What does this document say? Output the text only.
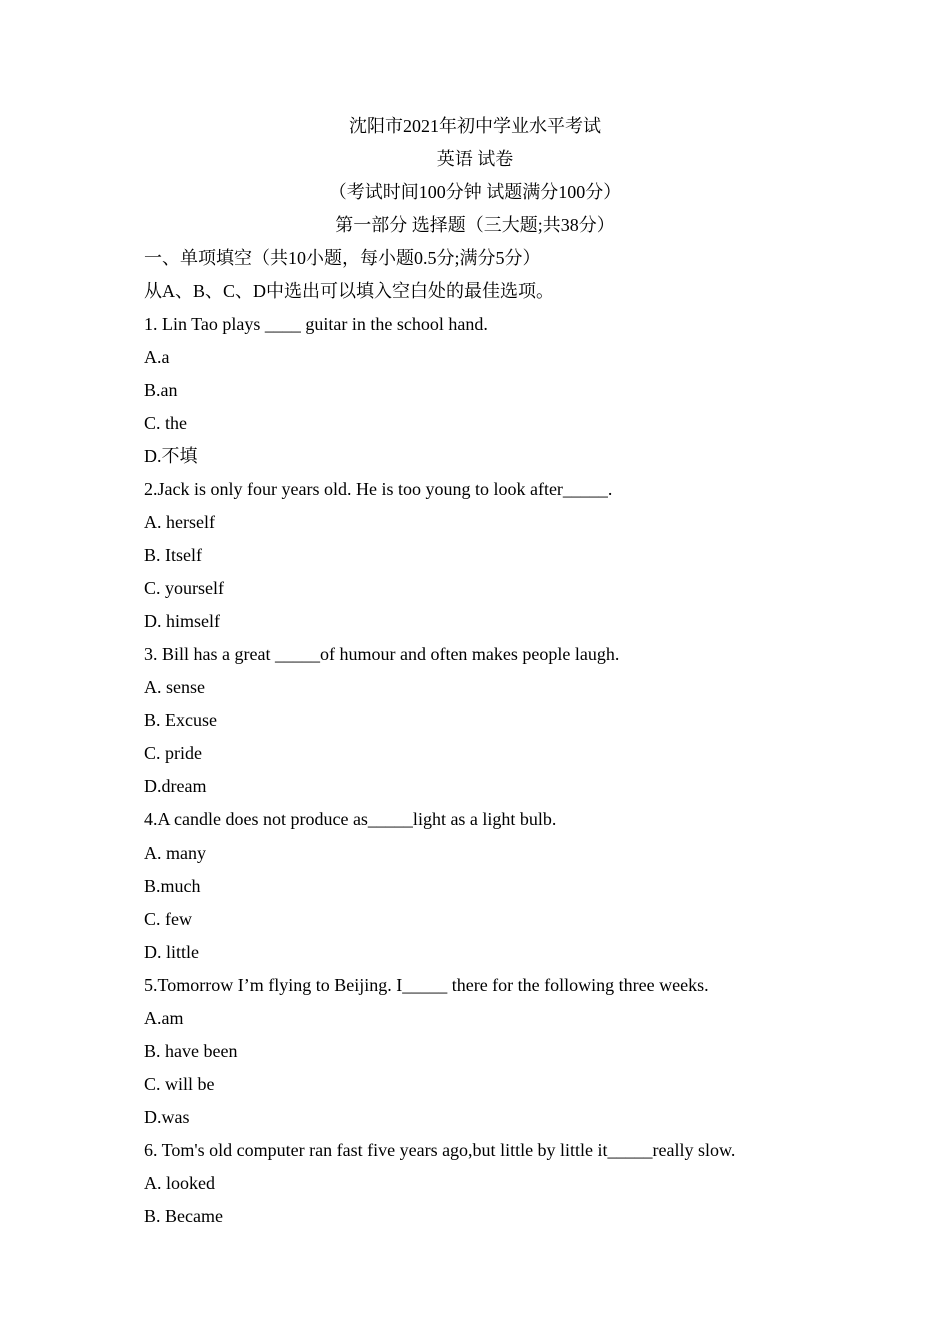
沈阳市2021年初中学业水平考试
英语 试卷
（考试时间100分钟 试题满分100分）
第一部分 选择题（三大题;共38分）
一、单项填空（共10小题，每小题0.5分;满分5分）
从A、B、C、D中选出可以填入空白处的最佳选项。
1. Lin Tao plays ____ guitar in the school hand.
A.a
B.an
C. the
D.不填
2.Jack is only four years old. He is too young to look after_____.
A. herself
B. Itself
C. yourself
D. himself
3. Bill has a great _____of humour and often makes people laugh.
A. sense
B. Excuse
C. pride
D.dream
4.A candle does not produce as_____light as a light bulb.
A. many
B.much
C. few
D. little
5.Tomorrow I’m flying to Beijing. I_____ there for the following three weeks.
A.am
B. have been
C. will be
D.was
6. Tom's old computer ran fast five years ago,but little by little it_____really slow.
A. looked
B. Became
